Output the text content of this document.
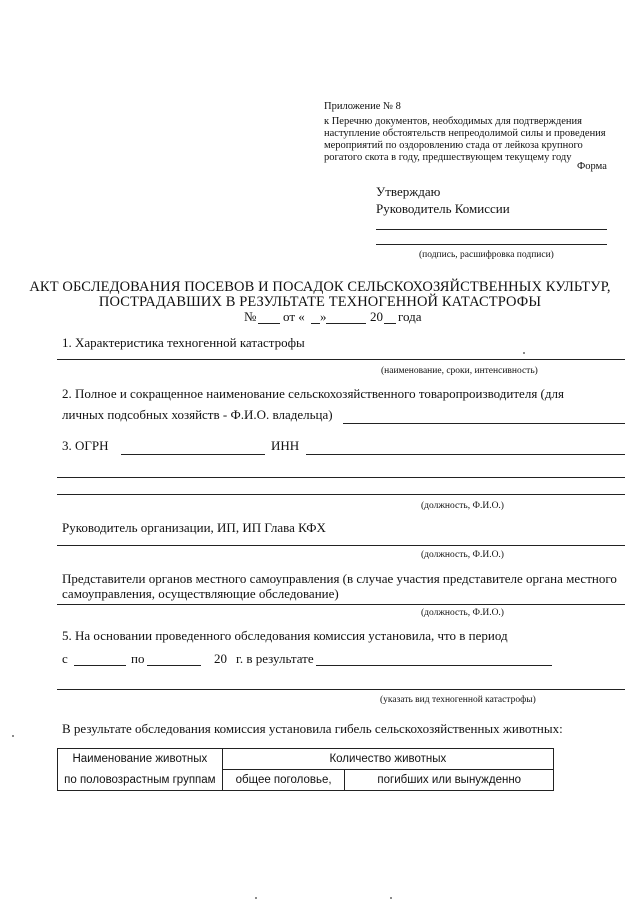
Приложение № 8
к Перечню документов, необходимых для подтверждения
наступление обстоятельств непреодолимой силы и проведения
мероприятий по оздоровлению стада от лейкоза крупного
рогатого скота в году, предшествующем текущему году
Форма
Утверждаю
Руководитель Комиссии
(подпись, расшифровка подписи)
АКТ ОБСЛЕДОВАНИЯ ПОСЕВОВ И ПОСАДОК СЕЛЬСКОХОЗЯЙСТВЕННЫХ КУЛЬТУР,
ПОСТРАДАВШИХ В РЕЗУЛЬТАТЕ ТЕХНОГЕННОЙ КАТАСТРОФЫ
№ от « »	20 года
1. Характеристика техногенной катастрофы
(наименование, сроки, интенсивность)
2. Полное и сокращенное наименование сельскохозяйственного товаропроизводителя (для
личных подсобных хозяйств - Ф.И.О. владельца)
3. ОГРН	ИНН
(должность, Ф.И.О.)
Руководитель организации, ИП, ИП Глава КФХ
(должность, Ф.И.О.)
Представители органов местного самоуправления (в случае участия представителе органа местного
самоуправления, осуществляющие обследование)
(должность, Ф.И.О.)
5. На основании проведенного обследования комиссия установила, что в период
с	по	20 г. в результате
(указать вид техногенной катастрофы)
В результате обследования комиссия установила гибель сельскохозяйственных животных:
Наименование животных	Количество животных	
по половозрастным группам	общее поголовье,	погибших или вынужденно
